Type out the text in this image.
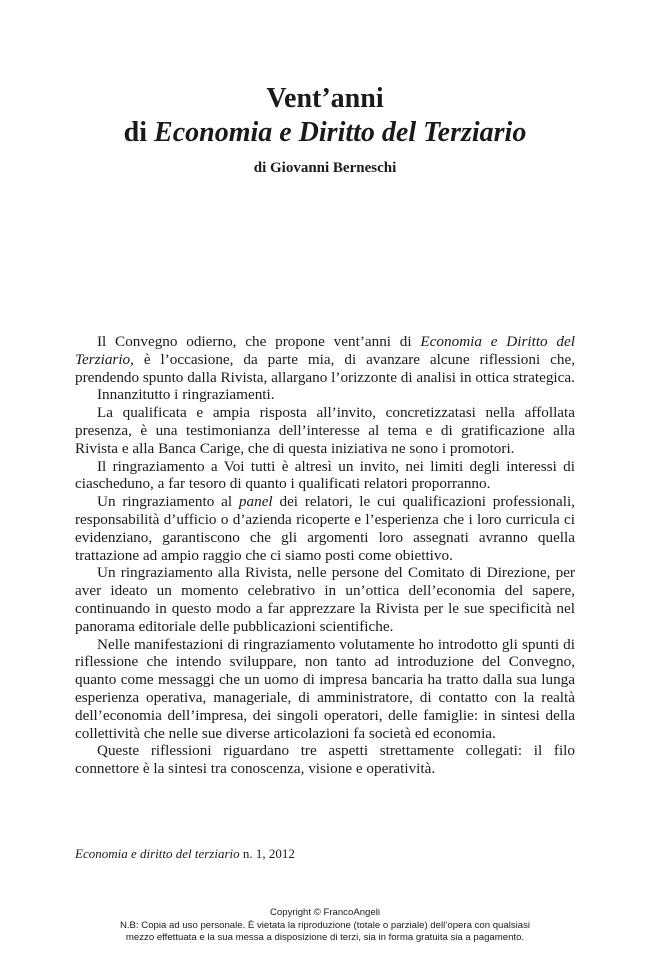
Vent’anni
di Economia e Diritto del Terziario
di Giovanni Berneschi

Il Convegno odierno, che propone vent’anni di Economia e Diritto del Terziario, è l’occasione, da parte mia, di avanzare alcune riflessioni che, prendendo spunto dalla Rivista, allargano l’orizzonte di analisi in ottica strategica.

Innanzitutto i ringraziamenti.

La qualificata e ampia risposta all’invito, concretizzatasi nella affollata presenza, è una testimonianza dell’interesse al tema e di gratificazione alla Rivista e alla Banca Carige, che di questa iniziativa ne sono i promotori.

Il ringraziamento a Voi tutti è altresì un invito, nei limiti degli interessi di ciascheduno, a far tesoro di quanto i qualificati relatori proporranno.

Un ringraziamento al panel dei relatori, le cui qualificazioni professionali, responsabilità d’ufficio o d’azienda ricoperte e l’esperienza che i loro curricula ci evidenziano, garantiscono che gli argomenti loro assegnati avranno quella trattazione ad ampio raggio che ci siamo posti come obiettivo.

Un ringraziamento alla Rivista, nelle persone del Comitato di Direzione, per aver ideato un momento celebrativo in un’ottica dell’economia del sapere, continuando in questo modo a far apprezzare la Rivista per le sue specificità nel panorama editoriale delle pubblicazioni scientifiche.

Nelle manifestazioni di ringraziamento volutamente ho introdotto gli spunti di riflessione che intendo sviluppare, non tanto ad introduzione del Convegno, quanto come messaggi che un uomo di impresa bancaria ha tratto dalla sua lunga esperienza operativa, manageriale, di amministratore, di contatto con la realtà dell’economia dell’impresa, dei singoli operatori, delle famiglie: in sintesi della collettività che nelle sue diverse articolazioni fa società ed economia.

Queste riflessioni riguardano tre aspetti strettamente collegati: il filo connettore è la sintesi tra conoscenza, visione e operatività.

Economia e diritto del terziario n. 1, 2012
Copyright © FrancoAngeli
N.B: Copia ad uso personale. È vietata la riproduzione (totale o parziale) dell’opera con qualsiasi
mezzo effettuata e la sua messa a disposizione di terzi, sia in forma gratuita sia a pagamento.
